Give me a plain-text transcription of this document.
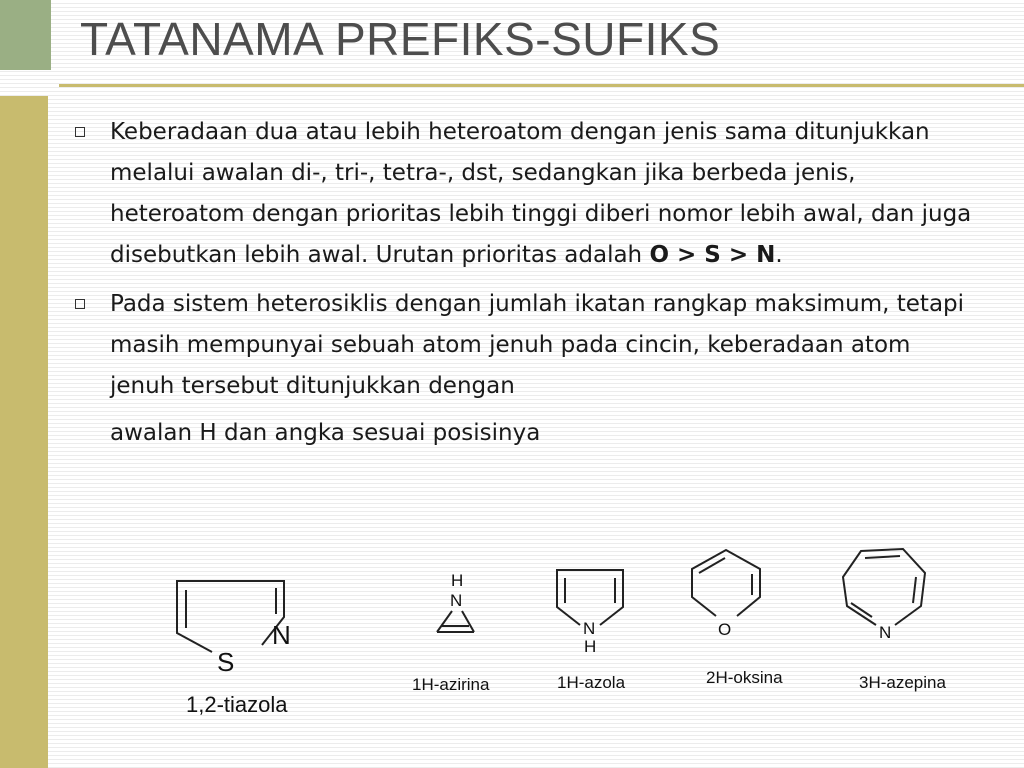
TATANAMA PREFIKS-SUFIKS
Keberadaan dua atau lebih heteroatom dengan jenis sama ditunjukkan melalui awalan di-, tri-, tetra-, dst, sedangkan jika berbeda jenis, heteroatom dengan prioritas lebih tinggi diberi nomor lebih awal, dan juga disebutkan lebih awal. Urutan prioritas adalah O > S > N.
Pada sistem heterosiklis dengan jumlah ikatan rangkap maksimum, tetapi masih mempunyai sebuah atom jenuh pada cincin, keberadaan atom jenuh tersebut ditunjukkan dengan
awalan H dan angka sesuai posisinya
S
N
1,2-tiazola
H
N
1H-azirina
N
H
1H-azola
O
2H-oksina
N
3H-azepina
